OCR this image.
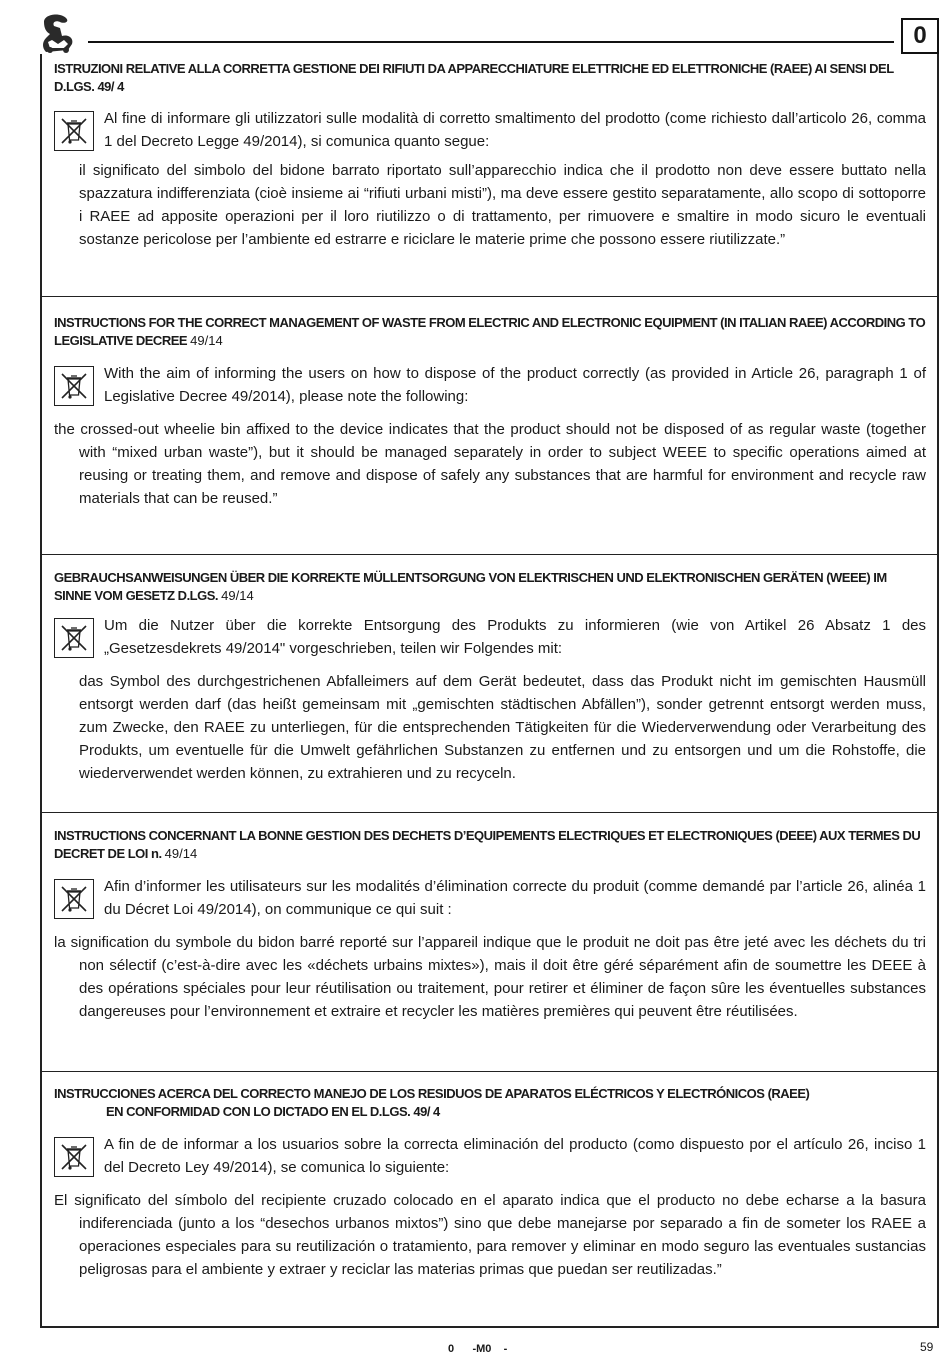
0

ISTRUZIONI RELATIVE ALLA CORRETTA GESTIONE DEI RIFIUTI DA APPARECCHIATURE ELETTRICHE ED ELETTRONICHE (RAEE) AI SENSI DEL D.LGS. 49/ 4

Al fine di informare gli utilizzatori sulle modalità di corretto smaltimento del prodotto (come richiesto dall’articolo 26, comma 1 del Decreto Legge 49/2014), si comunica quanto segue:
il significato del simbolo del bidone barrato riportato sull’apparecchio indica che il prodotto non deve essere buttato nella spazzatura indifferenziata (cioè insieme ai “rifiuti urbani misti”), ma deve essere gestito separatamente, allo scopo di sottoporre i RAEE ad apposite operazioni per il loro riutilizzo o di trattamento, per rimuovere e smaltire in modo sicuro le eventuali sostanze pericolose per l’ambiente ed estrarre e riciclare le materie prime che possono essere riutilizzate.”

INSTRUCTIONS FOR THE CORRECT MANAGEMENT OF WASTE FROM ELECTRIC AND ELECTRONIC EQUIPMENT (IN ITALIAN RAEE) ACCORDING TO LEGISLATIVE DECREE 49/14

With the aim of informing the users on how to dispose of the product correctly (as provided in Article 26, paragraph 1 of Legislative Decree 49/2014), please note the following:
the crossed-out wheelie bin affixed to the device indicates that the product should not be disposed of as regular waste (together with “mixed urban waste”), but it should be managed separately in order to subject WEEE to specific operations aimed at reusing or treating them, and remove and dispose of safely any substances that are harmful for environment and recycle raw materials that can be reused.”

GEBRAUCHSANWEISUNGEN ÜBER DIE KORREKTE MÜLLENTSORGUNG VON ELEKTRISCHEN UND ELEKTRONISCHEN GERÄTEN (WEEE) IM SINNE VOM GESETZ D.LGS. 49/14

Um die Nutzer über die korrekte Entsorgung des Produkts zu informieren (wie von Artikel 26 Absatz 1 des „Gesetzesdekrets 49/2014" vorgeschrieben, teilen wir Folgendes mit:
das Symbol des durchgestrichenen Abfalleimers auf dem Gerät bedeutet, dass das Produkt nicht im gemischten Hausmüll entsorgt werden darf (das heißt gemeinsam mit „gemischten städtischen Abfällen”), sonder getrennt entsorgt werden muss, zum Zwecke, den RAEE zu unterliegen, für die entsprechenden Tätigkeiten für die Wiederverwendung oder Verarbeitung des Produkts, um eventuelle für die Umwelt gefährlichen Substanzen zu entfernen und zu entsorgen und um die Rohstoffe, die wiederverwendet werden können, zu extrahieren und zu recyceln.

INSTRUCTIONS CONCERNANT LA BONNE GESTION DES DECHETS D’EQUIPEMENTS ELECTRIQUES ET ELECTRONIQUES (DEEE) AUX TERMES DU DECRET DE LOI n. 49/14

Afin d’informer les utilisateurs sur les modalités d’élimination correcte du produit (comme demandé par l’article 26, alinéa 1 du Décret Loi 49/2014), on communique ce qui suit :
la signification du symbole du bidon barré reporté sur l’appareil indique que le produit ne doit pas être jeté avec les déchets du tri non sélectif (c’est-à-dire avec les «déchets urbains mixtes»), mais il doit être géré séparément afin de soumettre les DEEE à des opérations spéciales pour leur réutilisation ou traitement, pour retirer et éliminer de façon sûre les éventuelles substances dangereuses pour l’environnement et extraire et recycler les matières premières qui peuvent être réutilisées.

INSTRUCCIONES ACERCA DEL CORRECTO MANEJO DE LOS RESIDUOS DE APARATOS ELÉCTRICOS Y ELECTRÓNICOS (RAEE)
EN CONFORMIDAD CON LO DICTADO EN EL D.LGS. 49/ 4

A fin de de informar a los usuarios sobre la correcta eliminación del producto (como dispuesto por el artículo 26, inciso 1 del Decreto Ley 49/2014), se comunica lo siguiente:
El significato del símbolo del recipiente cruzado colocado en el aparato indica que el producto no debe echarse a la basura indiferenciada (junto a los “desechos urbanos mixtos”) sino que debe manejarse por separado a fin de someter los RAEE a operaciones especiales para su reutilización o tratamiento, para remover y eliminar en modo seguro las eventuales sustancias peligrosas para el ambiente y extraer y reciclar las materias primas que puedan ser reutilizadas.”
0      -M0    -	59
